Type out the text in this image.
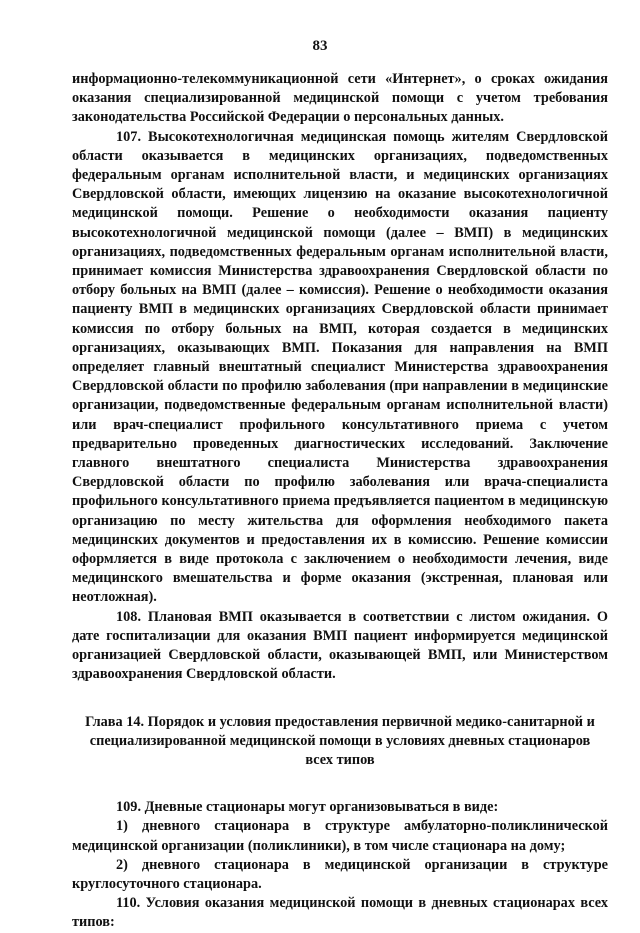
83

информационно-телекоммуникационной сети «Интернет», о сроках ожидания оказания специализированной медицинской помощи с учетом требования законодательства Российской Федерации о персональных данных.

107. Высокотехнологичная медицинская помощь жителям Свердловской области оказывается в медицинских организациях, подведомственных федеральным органам исполнительной власти, и медицинских организациях Свердловской области, имеющих лицензию на оказание высокотехнологичной медицинской помощи. Решение о необходимости оказания пациенту высокотехнологичной медицинской помощи (далее – ВМП) в медицинских организациях, подведомственных федеральным органам исполнительной власти, принимает комиссия Министерства здравоохранения Свердловской области по отбору больных на ВМП (далее – комиссия). Решение о необходимости оказания пациенту ВМП в медицинских организациях Свердловской области принимает комиссия по отбору больных на ВМП, которая создается в медицинских организациях, оказывающих ВМП. Показания для направления на ВМП определяет главный внештатный специалист Министерства здравоохранения Свердловской области по профилю заболевания (при направлении в медицинские организации, подведомственные федеральным органам исполнительной власти) или врач-специалист профильного консультативного приема с учетом предварительно проведенных диагностических исследований. Заключение главного внештатного специалиста Министерства здравоохранения Свердловской области по профилю заболевания или врача-специалиста профильного консультативного приема предъявляется пациентом в медицинскую организацию по месту жительства для оформления необходимого пакета медицинских документов и предоставления их в комиссию. Решение комиссии оформляется в виде протокола с заключением о необходимости лечения, виде медицинского вмешательства и форме оказания (экстренная, плановая или неотложная).

108. Плановая ВМП оказывается в соответствии с листом ожидания. О дате госпитализации для оказания ВМП пациент информируется медицинской организацией Свердловской области, оказывающей ВМП, или Министерством здравоохранения Свердловской области.

Глава 14. Порядок и условия предоставления первичной медико-санитарной и специализированной медицинской помощи в условиях дневных стационаров всех типов

109. Дневные стационары могут организовываться в виде:

1) дневного стационара в структуре амбулаторно-поликлинической медицинской организации (поликлиники), в том числе стационара на дому;

2) дневного стационара в медицинской организации в структуре круглосуточного стационара.

110. Условия оказания медицинской помощи в дневных стационарах всех типов:
